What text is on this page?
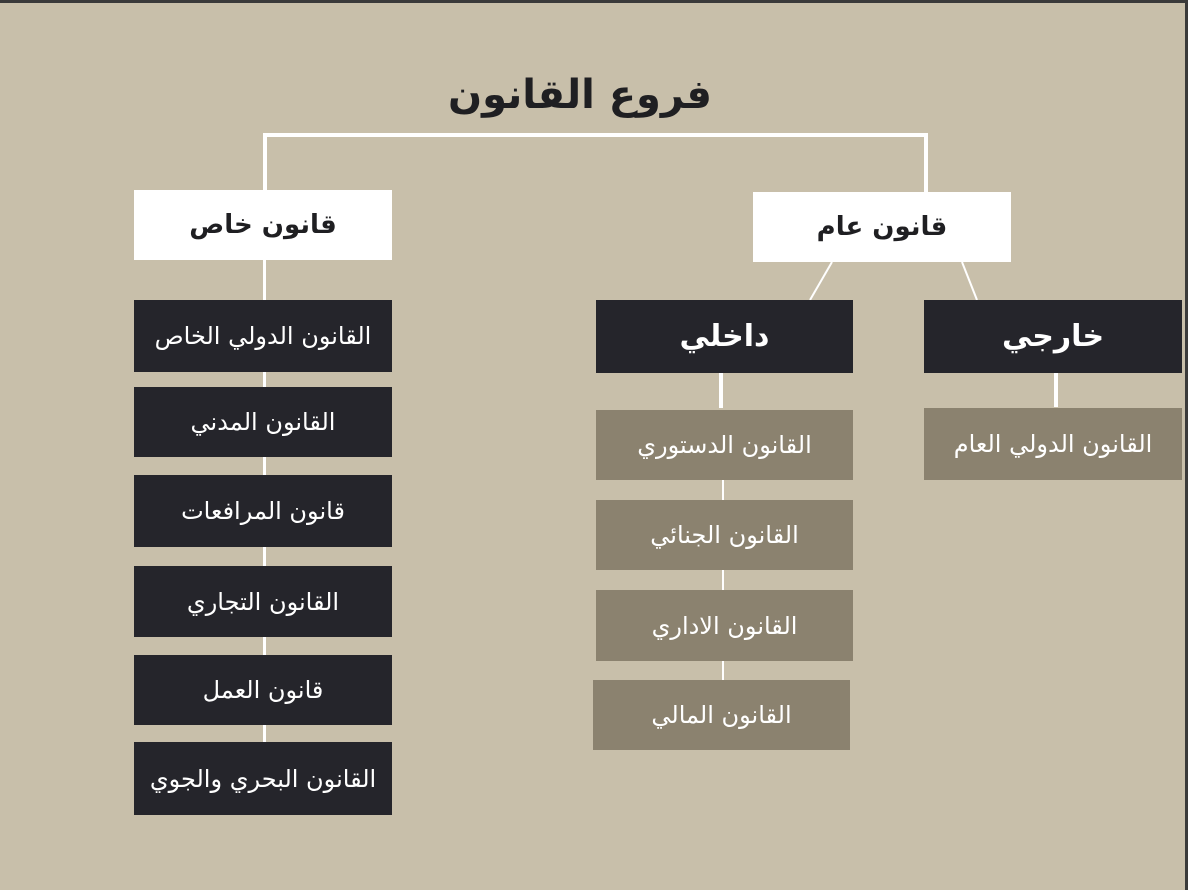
فروع القانون
قانون خاص
القانون الدولي الخاص
القانون المدني
قانون المرافعات
القانون التجاري
قانون العمل
القانون البحري والجوي
قانون عام
داخلي	خارجي
القانون الدستوري
القانون الجنائي
القانون الاداري
القانون المالي
القانون الدولي العام
